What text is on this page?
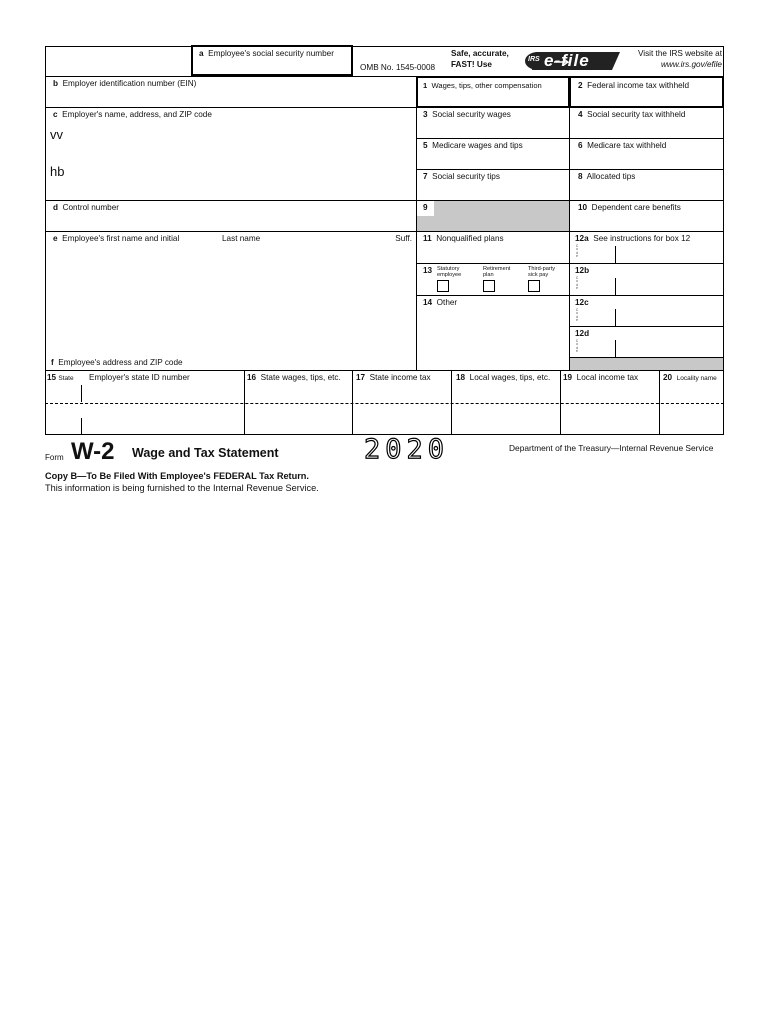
a Employee's social security number
OMB No. 1545-0008
Safe, accurate,
FAST! Use
IRS e-file	Visit the IRS website at
www.irs.gov/efile
b Employer identification number (EIN)
c Employer's name, address, and ZIP code
vv
hb
d Control number
e Employee's first name and initial	Last name	Suff.
f Employee's address and ZIP code
1 Wages, tips, other compensation
3 Social security wages
5 Medicare wages and tips
7 Social security tips
9
11 Nonqualified plans
13 Statutory employee
Retirement plan
Third-party sick pay
14 Other
2 Federal income tax withheld
4 Social security tax withheld
6 Medicare tax withheld
8 Allocated tips
10 Dependent care benefits
12a See instructions for box 12
C o d e
12b
C o d e
12c
C o d e
12d
C o d e
15 State Employer's state ID number	16 State wages, tips, etc. 17 State income tax	18 Local wages, tips, etc. 19 Local income tax	20 Locality name
Form W-2 Wage and Tax Statement	2020	Department of the Treasury—Internal Revenue Service
Copy B—To Be Filed With Employee's FEDERAL Tax Return.
This information is being furnished to the Internal Revenue Service.
